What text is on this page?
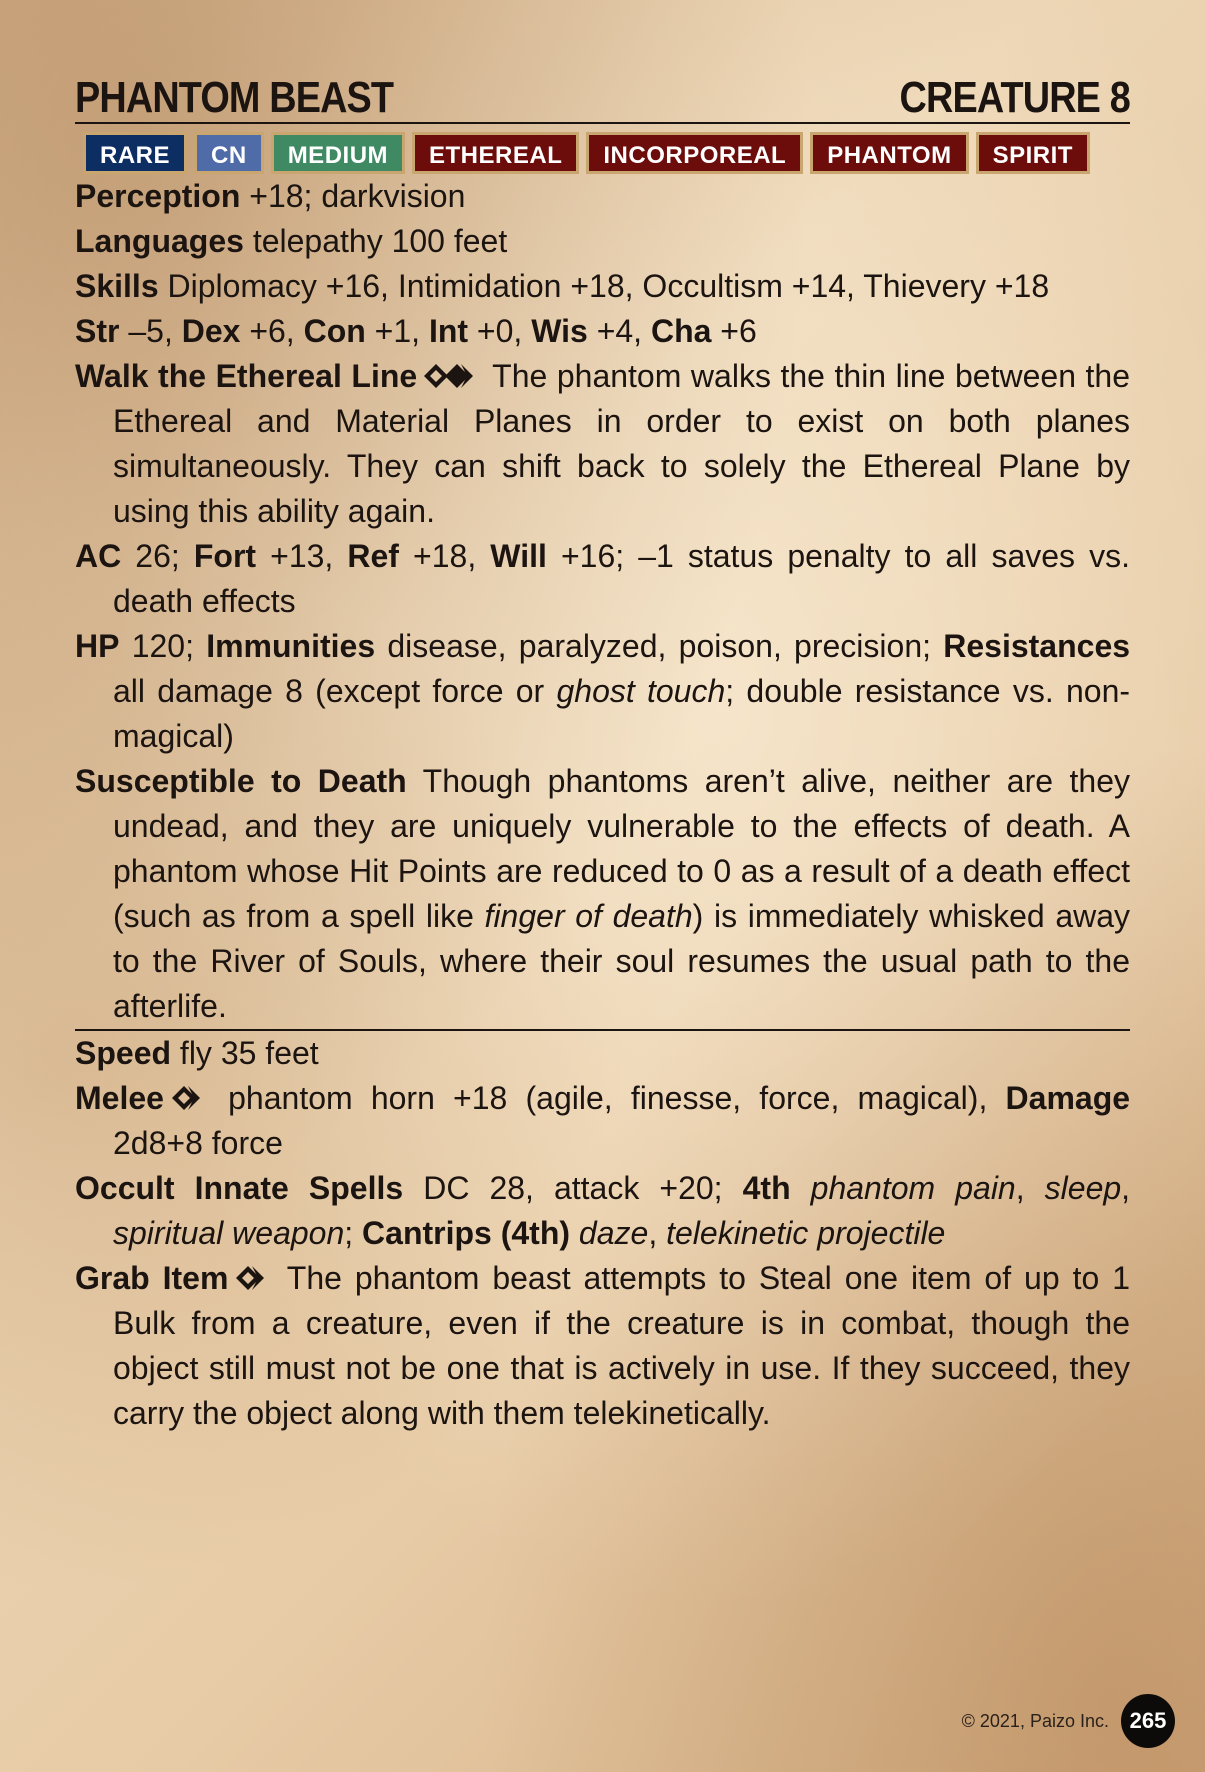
PHANTOM BEAST	CREATURE 8
RARE	CN	MEDIUM	ETHEREAL	INCORPOREAL	PHANTOM	SPIRIT
Perception +18; darkvision
Languages telepathy 100 feet
Skills Diplomacy +16, Intimidation +18, Occultism +14, Thievery +18
Str –5, Dex +6, Con +1, Int +0, Wis +4, Cha +6
Walk the Ethereal Line The phantom walks the thin line between the Ethereal and Material Planes in order to exist on both planes simultaneously. They can shift back to solely the Ethereal Plane by using this ability again.
AC 26; Fort +13, Ref +18, Will +16; –1 status penalty to all saves vs. death effects
HP 120; Immunities disease, paralyzed, poison, precision; Resistances all damage 8 (except force or ghost touch; double resistance vs. non-magical)
Susceptible to Death Though phantoms aren’t alive, neither are they undead, and they are uniquely vulnerable to the effects of death. A phantom whose Hit Points are reduced to 0 as a result of a death effect (such as from a spell like finger of death) is immediately whisked away to the River of Souls, where their soul resumes the usual path to the afterlife.
Speed fly 35 feet
Melee phantom horn +18 (agile, finesse, force, magical), Damage 2d8+8 force
Occult Innate Spells DC 28, attack +20; 4th phantom pain, sleep, spiritual weapon; Cantrips (4th) daze, telekinetic projectile
Grab Item The phantom beast attempts to Steal one item of up to 1 Bulk from a creature, even if the creature is in combat, though the object still must not be one that is actively in use. If they succeed, they carry the object along with them telekinetically.
© 2021, Paizo Inc. 265
